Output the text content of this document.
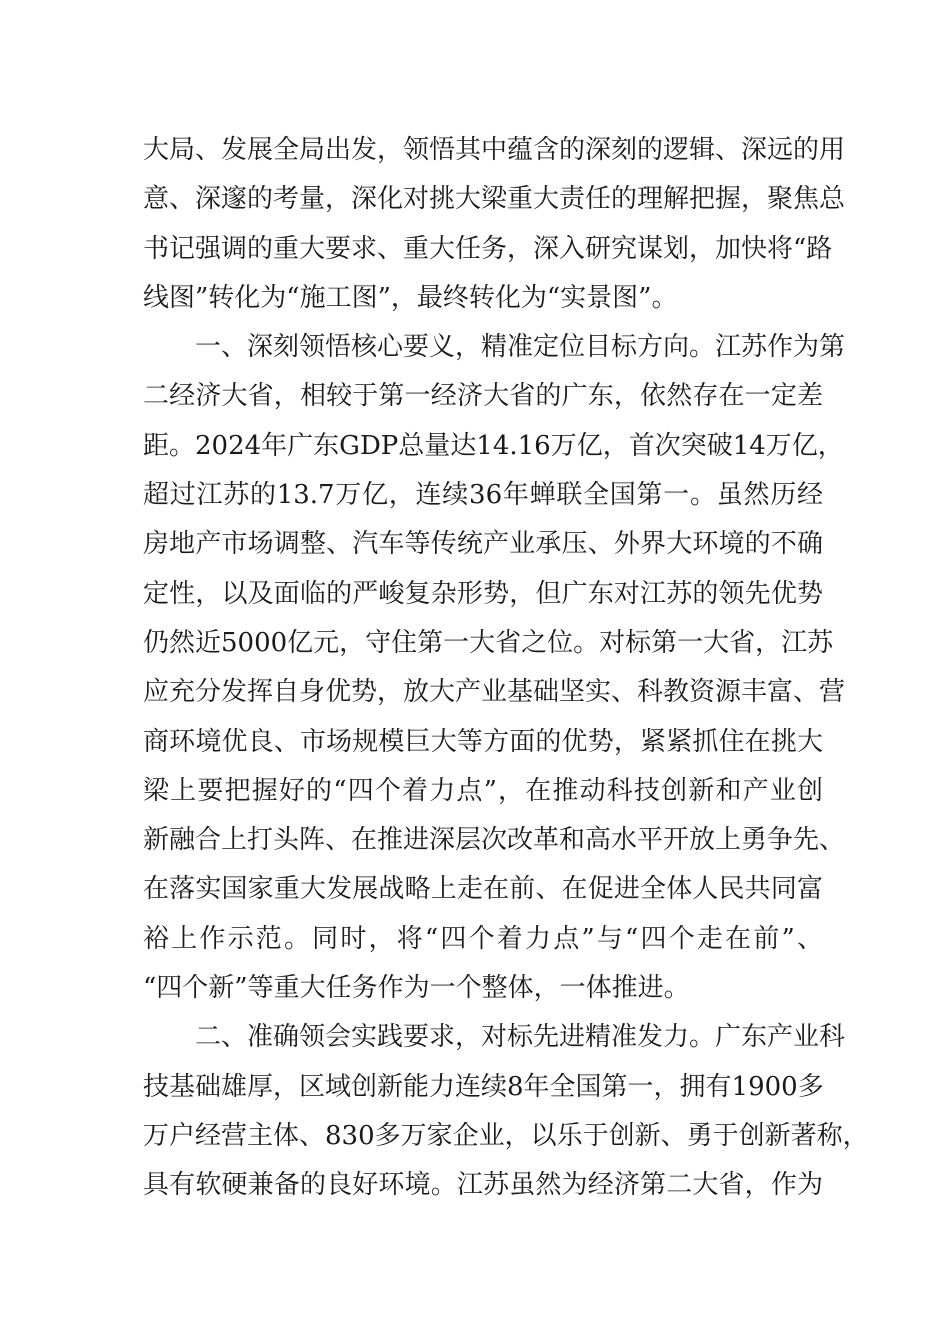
大局、发展全局出发，领悟其中蕴含的深刻的逻辑、深远的用
意、深邃的考量，深化对挑大梁重大责任的理解把握，聚焦总
书记强调的重大要求、重大任务，深入研究谋划，加快将“路
线图”转化为“施工图”，最终转化为“实景图”。
一、深刻领悟核心要义，精准定位目标方向。江苏作为第
二经济大省，相较于第一经济大省的广东，依然存在一定差
距。2024年广东GDP总量达14.16万亿，首次突破14万亿，
超过江苏的13.7万亿，连续36年蝉联全国第一。虽然历经
房地产市场调整、汽车等传统产业承压、外界大环境的不确
定性，以及面临的严峻复杂形势，但广东对江苏的领先优势
仍然近5000亿元，守住第一大省之位。对标第一大省，江苏
应充分发挥自身优势，放大产业基础坚实、科教资源丰富、营
商环境优良、市场规模巨大等方面的优势，紧紧抓住在挑大
梁上要把握好的“四个着力点”，在推动科技创新和产业创
新融合上打头阵、在推进深层次改革和高水平开放上勇争先、
在落实国家重大发展战略上走在前、在促进全体人民共同富
裕上作示范。同时，将“四个着力点”与“四个走在前”、
“四个新”等重大任务作为一个整体，一体推进。
二、准确领会实践要求，对标先进精准发力。广东产业科
技基础雄厚，区域创新能力连续8年全国第一，拥有1900多
万户经营主体、830多万家企业，以乐于创新、勇于创新著称，
具有软硬兼备的良好环境。江苏虽然为经济第二大省，作为
